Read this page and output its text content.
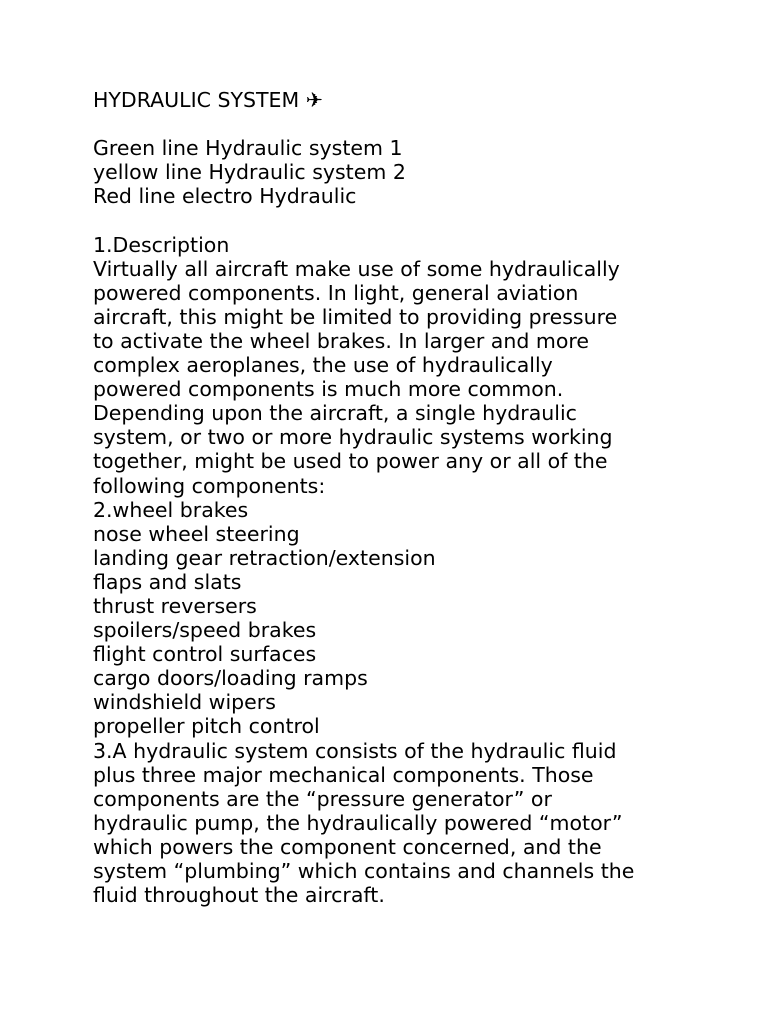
HYDRAULIC SYSTEM ✈
Green line Hydraulic system 1
yellow line Hydraulic system 2
Red line electro Hydraulic
1.Description
Virtually all aircraft make use of some hydraulically
powered components. In light, general aviation
aircraft, this might be limited to providing pressure
to activate the wheel brakes. In larger and more
complex aeroplanes, the use of hydraulically
powered components is much more common.
Depending upon the aircraft, a single hydraulic
system, or two or more hydraulic systems working
together, might be used to power any or all of the
following components:
2.wheel brakes
nose wheel steering
landing gear retraction/extension
flaps and slats
thrust reversers
spoilers/speed brakes
flight control surfaces
cargo doors/loading ramps
windshield wipers
propeller pitch control
3.A hydraulic system consists of the hydraulic fluid
plus three major mechanical components. Those
components are the “pressure generator” or
hydraulic pump, the hydraulically powered “motor”
which powers the component concerned, and the
system “plumbing” which contains and channels the
fluid throughout the aircraft.
